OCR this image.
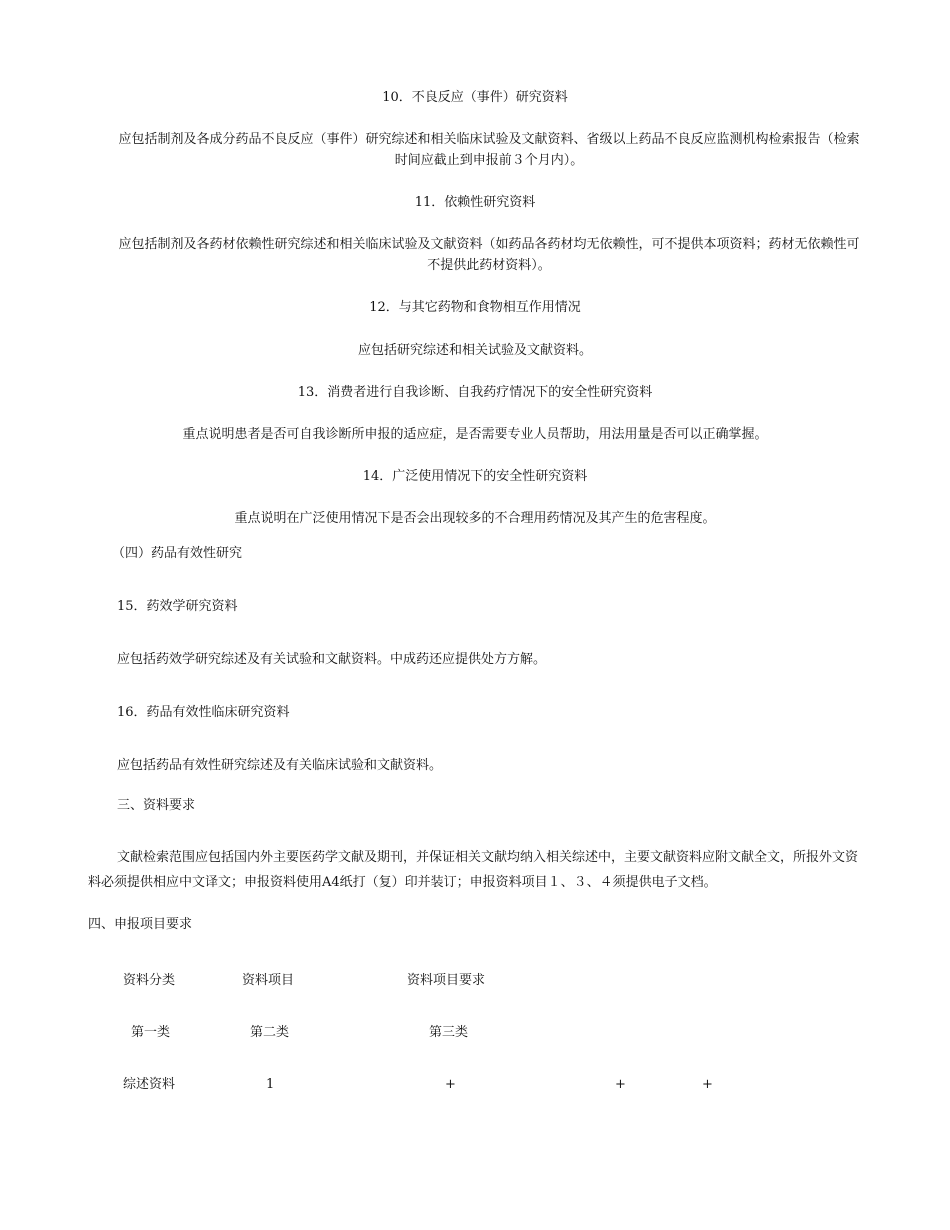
10．不良反应（事件）研究资料
应包括制剂及各成分药品不良反应（事件）研究综述和相关临床试验及文献资料、省级以上药品不良反应监测机构检索报告（检索时间应截止到申报前３个月内）。
11．依赖性研究资料
应包括制剂及各药材依赖性研究综述和相关临床试验及文献资料（如药品各药材均无依赖性，可不提供本项资料；药材无依赖性可不提供此药材资料）。
12．与其它药物和食物相互作用情况
应包括研究综述和相关试验及文献资料。
13．消费者进行自我诊断、自我药疗情况下的安全性研究资料
重点说明患者是否可自我诊断所申报的适应症，是否需要专业人员帮助，用法用量是否可以正确掌握。
14．广泛使用情况下的安全性研究资料
重点说明在广泛使用情况下是否会出现较多的不合理用药情况及其产生的危害程度。
（四）药品有效性研究
15．药效学研究资料
应包括药效学研究综述及有关试验和文献资料。中成药还应提供处方方解。
16．药品有效性临床研究资料
应包括药品有效性研究综述及有关临床试验和文献资料。
三、资料要求
文献检索范围应包括国内外主要医药学文献及期刊，并保证相关文献均纳入相关综述中，主要文献资料应附文献全文，所报外文资料必须提供相应中文译文；申报资料使用A4纸打（复）印并装订；申报资料项目１、３、４须提供电子文档。
四、申报项目要求
资料分类	资料项目	资料项目要求
第一类	第二类	第三类
综述资料	1	+	+	+
